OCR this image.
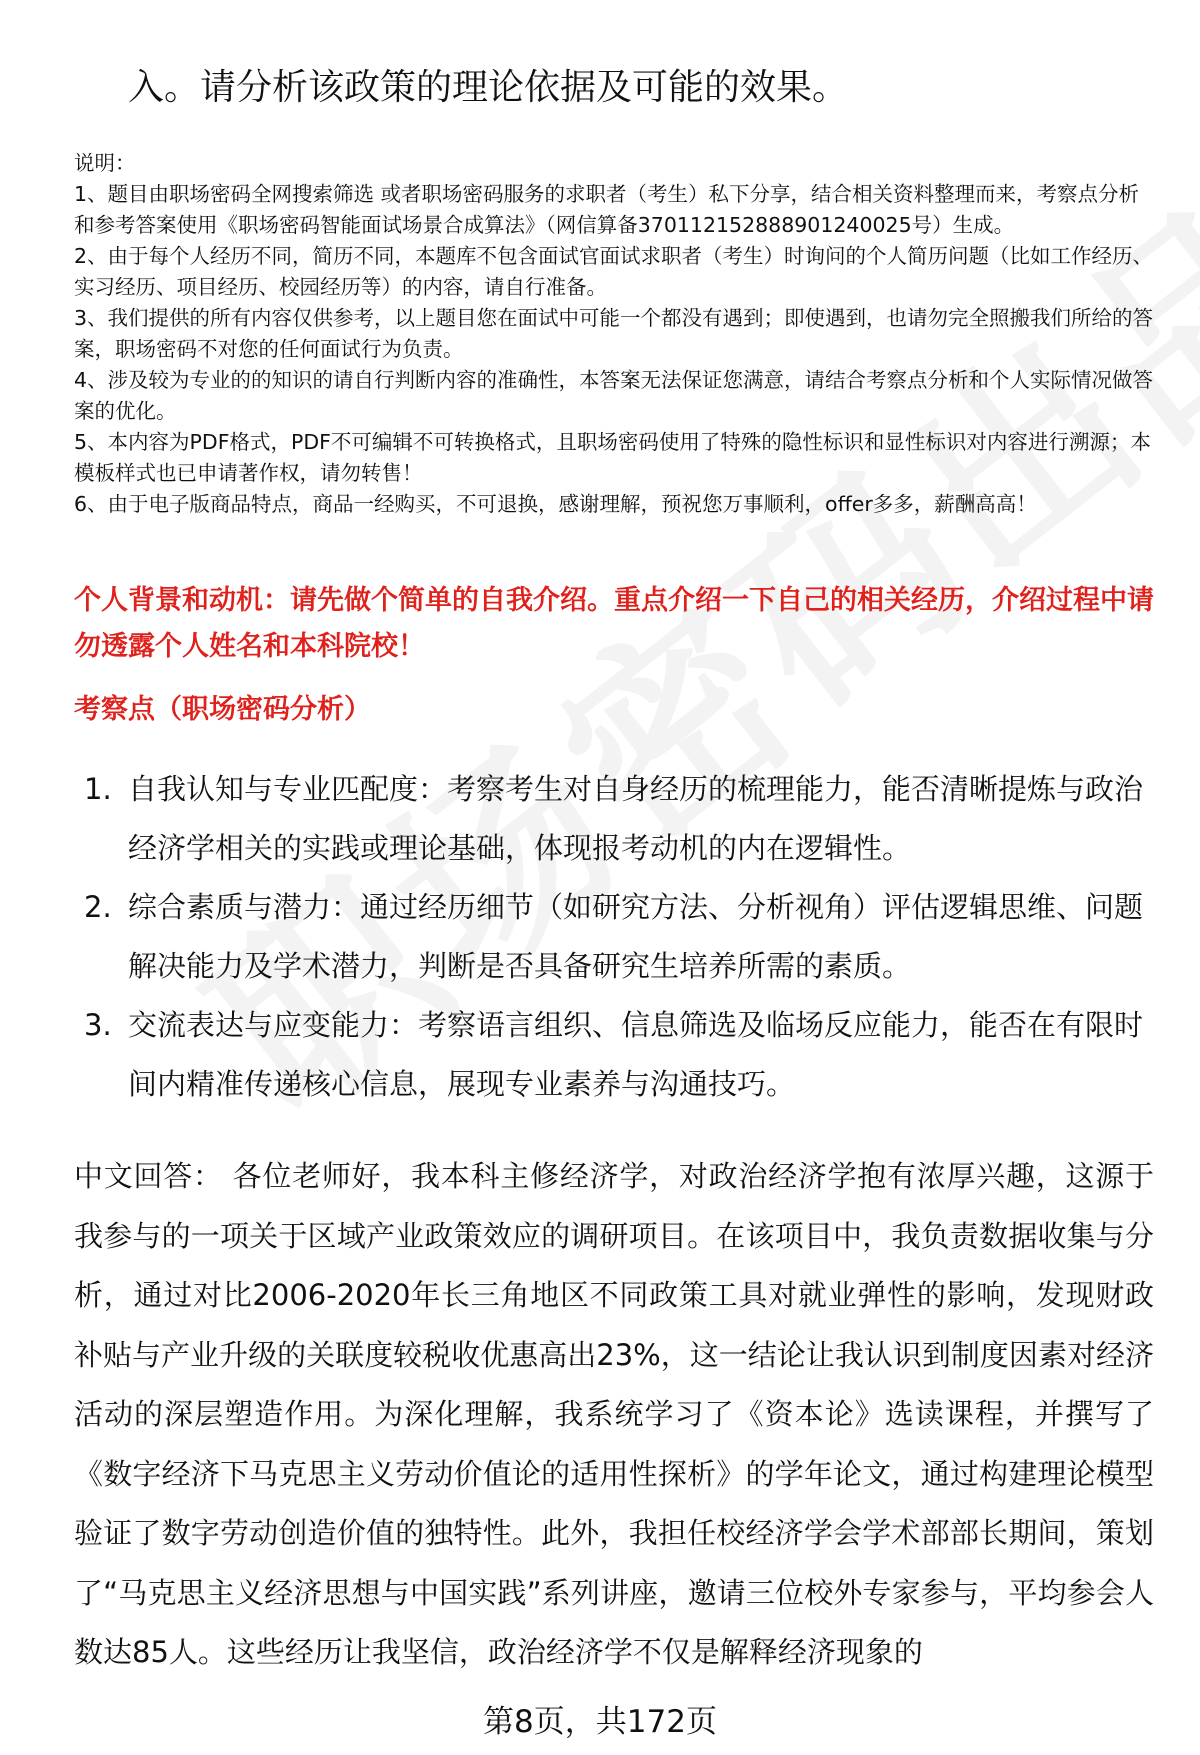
入。请分析该政策的理论依据及可能的效果。

说明：

1、题目由职场密码全网搜索筛选 或者职场密码服务的求职者（考生）私下分享，结合相关资料整理而来，考察点分析和参考答案使用《职场密码智能面试场景合成算法》（网信算备370112152888901240025号）生成。

2、由于每个人经历不同，简历不同，本题库不包含面试官面试求职者（考生）时询问的个人简历问题（比如工作经历、实习经历、项目经历、校园经历等）的内容，请自行准备。

3、我们提供的所有内容仅供参考，以上题目您在面试中可能一个都没有遇到；即使遇到，也请勿完全照搬我们所给的答案，职场密码不对您的任何面试行为负责。

4、涉及较为专业的的知识的请自行判断内容的准确性，本答案无法保证您满意，请结合考察点分析和个人实际情况做答案的优化。

5、本内容为PDF格式，PDF不可编辑不可转换格式，且职场密码使用了特殊的隐性标识和显性标识对内容进行溯源；本模板样式也已申请著作权，请勿转售！

6、由于电子版商品特点，商品一经购买，不可退换，感谢理解，预祝您万事顺利，offer多多，薪酬高高！

个人背景和动机：请先做个简单的自我介绍。重点介绍一下自己的相关经历，介绍过程中请勿透露个人姓名和本科院校！
考察点（职场密码分析）
1. 自我认知与专业匹配度：考察考生对自身经历的梳理能力，能否清晰提炼与政治经济学相关的实践或理论基础，体现报考动机的内在逻辑性。
2. 综合素质与潜力：通过经历细节（如研究方法、分析视角）评估逻辑思维、问题解决能力及学术潜力，判断是否具备研究生培养所需的素质。
3. 交流表达与应变能力：考察语言组织、信息筛选及临场反应能力，能否在有限时间内精准传递核心信息，展现专业素养与沟通技巧。
中文回答： 各位老师好，我本科主修经济学，对政治经济学抱有浓厚兴趣，这源于我参与的一项关于区域产业政策效应的调研项目。在该项目中，我负责数据收集与分析，通过对比2006-2020年长三角地区不同政策工具对就业弹性的影响，发现财政补贴与产业升级的关联度较税收优惠高出23%，这一结论让我认识到制度因素对经济活动的深层塑造作用。为深化理解，我系统学习了《资本论》选读课程，并撰写了《数字经济下马克思主义劳动价值论的适用性探析》的学年论文，通过构建理论模型验证了数字劳动创造价值的独特性。此外，我担任校经济学会学术部部长期间，策划了“马克思主义经济思想与中国实践”系列讲座，邀请三位校外专家参与，平均参会人数达85人。这些经历让我坚信，政治经济学不仅是解释经济现象的
第8页，共172页
